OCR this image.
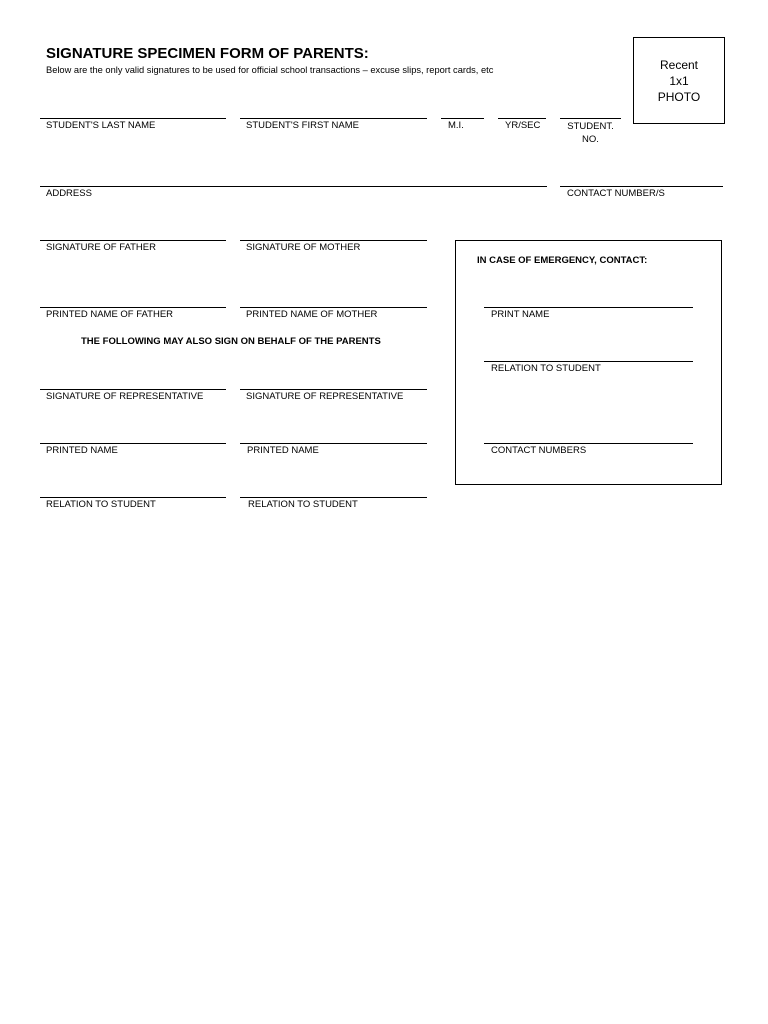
SIGNATURE SPECIMEN FORM OF PARENTS:
Below are the only valid signatures to be used for official school transactions – excuse slips, report cards, etc	Recent
1x1
PHOTO
STUDENT'S LAST NAME	STUDENT'S FIRST NAME	M.I.	YR/SEC	STUDENT.
NO.
ADDRESS	CONTACT NUMBER/S
SIGNATURE OF FATHER	SIGNATURE OF MOTHER
PRINTED NAME OF FATHER	PRINTED NAME OF MOTHER
THE FOLLOWING MAY ALSO SIGN ON BEHALF OF THE PARENTS
SIGNATURE OF REPRESENTATIVE	SIGNATURE OF REPRESENTATIVE
PRINTED NAME	PRINTED NAME
RELATION TO STUDENT	RELATION TO STUDENT
IN CASE OF EMERGENCY, CONTACT:
PRINT NAME
RELATION TO STUDENT
CONTACT NUMBERS
